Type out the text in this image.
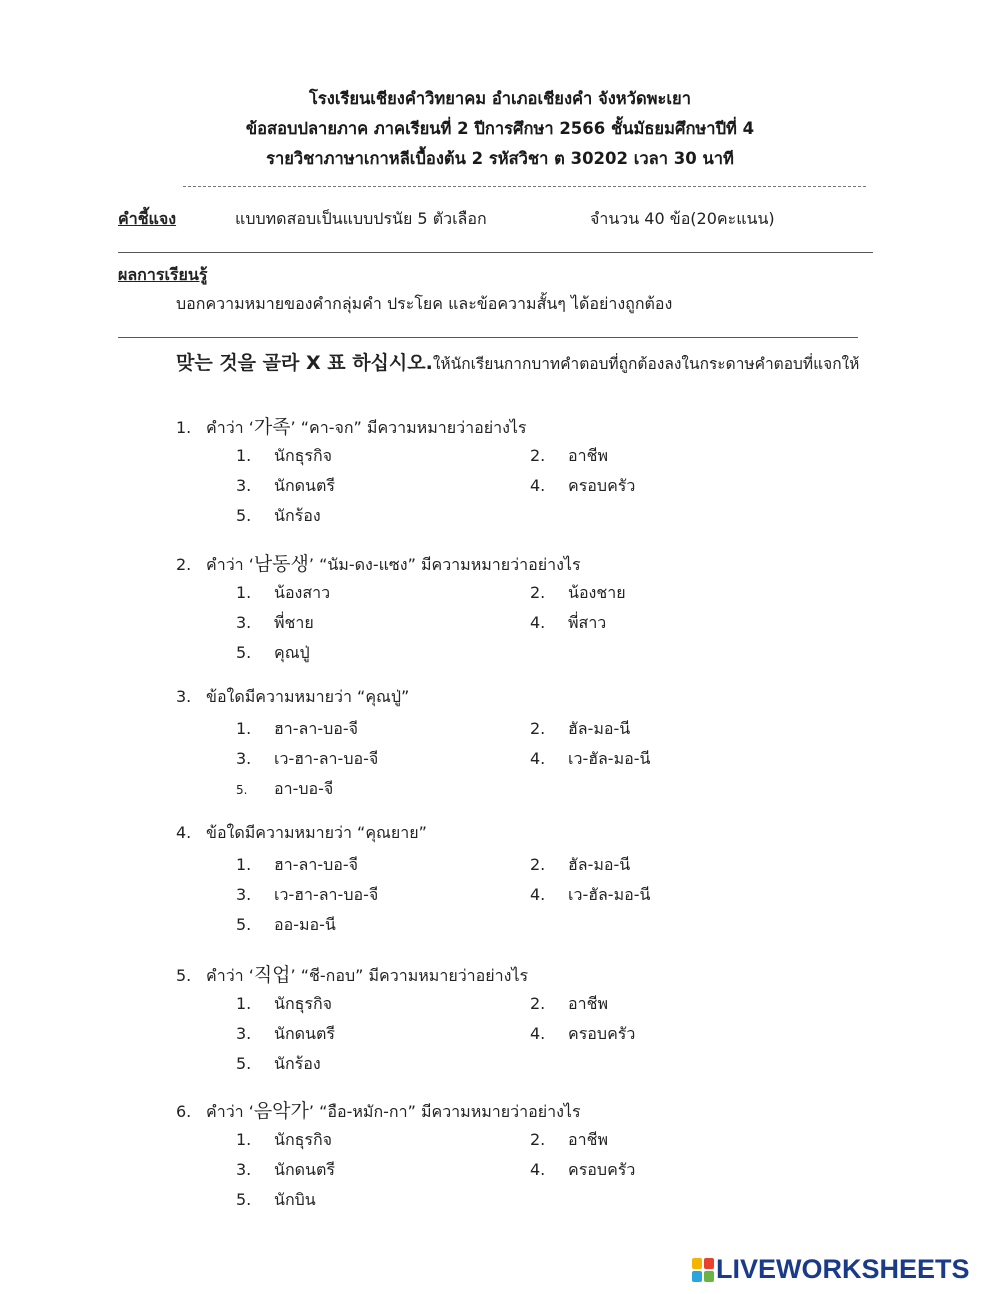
โรงเรียนเชียงคำวิทยาคม อำเภอเชียงคำ จังหวัดพะเยา
ข้อสอบปลายภาค ภาคเรียนที่ 2 ปีการศึกษา 2566 ชั้นมัธยมศึกษาปีที่ 4
รายวิชาภาษาเกาหลีเบื้องต้น 2 รหัสวิชา ต 30202 เวลา 30 นาที
คำชี้แจง	แบบทดสอบเป็นแบบปรนัย 5 ตัวเลือก	จำนวน 40 ข้อ(20คะแนน)
ผลการเรียนรู้
บอกความหมายของคำกลุ่มคำ ประโยค และข้อความสั้นๆ ได้อย่างถูกต้อง
맞는 것을 골라 X 표 하십시오.ให้นักเรียนกากบาทคำตอบที่ถูกต้องลงในกระดาษคำตอบที่แจกให้
1. คำว่า ‘가족’ “คา-จก” มีความหมายว่าอย่างไร
1. นักธุรกิจ	2. อาชีพ
3. นักดนตรี	4. ครอบครัว
5. นักร้อง
2. คำว่า ‘남동생’ “นัม-ดง-แซง” มีความหมายว่าอย่างไร
1. น้องสาว	2. น้องชาย
3. พี่ชาย	4. พี่สาว
5. คุณปู่
3. ข้อใดมีความหมายว่า “คุณปู่”
1. ฮา-ลา-บอ-จี	2. ฮัล-มอ-นี
3. เว-ฮา-ลา-บอ-จี	4. เว-ฮัล-มอ-นี
5. อา-บอ-จี
4. ข้อใดมีความหมายว่า “คุณยาย”
1. ฮา-ลา-บอ-จี	2. ฮัล-มอ-นี
3. เว-ฮา-ลา-บอ-จี	4. เว-ฮัล-มอ-นี
5. ออ-มอ-นี
5. คำว่า ‘직업’ “ชี-กอบ” มีความหมายว่าอย่างไร
1. นักธุรกิจ	2. อาชีพ
3. นักดนตรี	4. ครอบครัว
5. นักร้อง
6. คำว่า ‘음악가’ “อือ-หมัก-กา” มีความหมายว่าอย่างไร
1. นักธุรกิจ	2. อาชีพ
3. นักดนตรี	4. ครอบครัว
5. นักบิน
LIVEWORKSHEETS
